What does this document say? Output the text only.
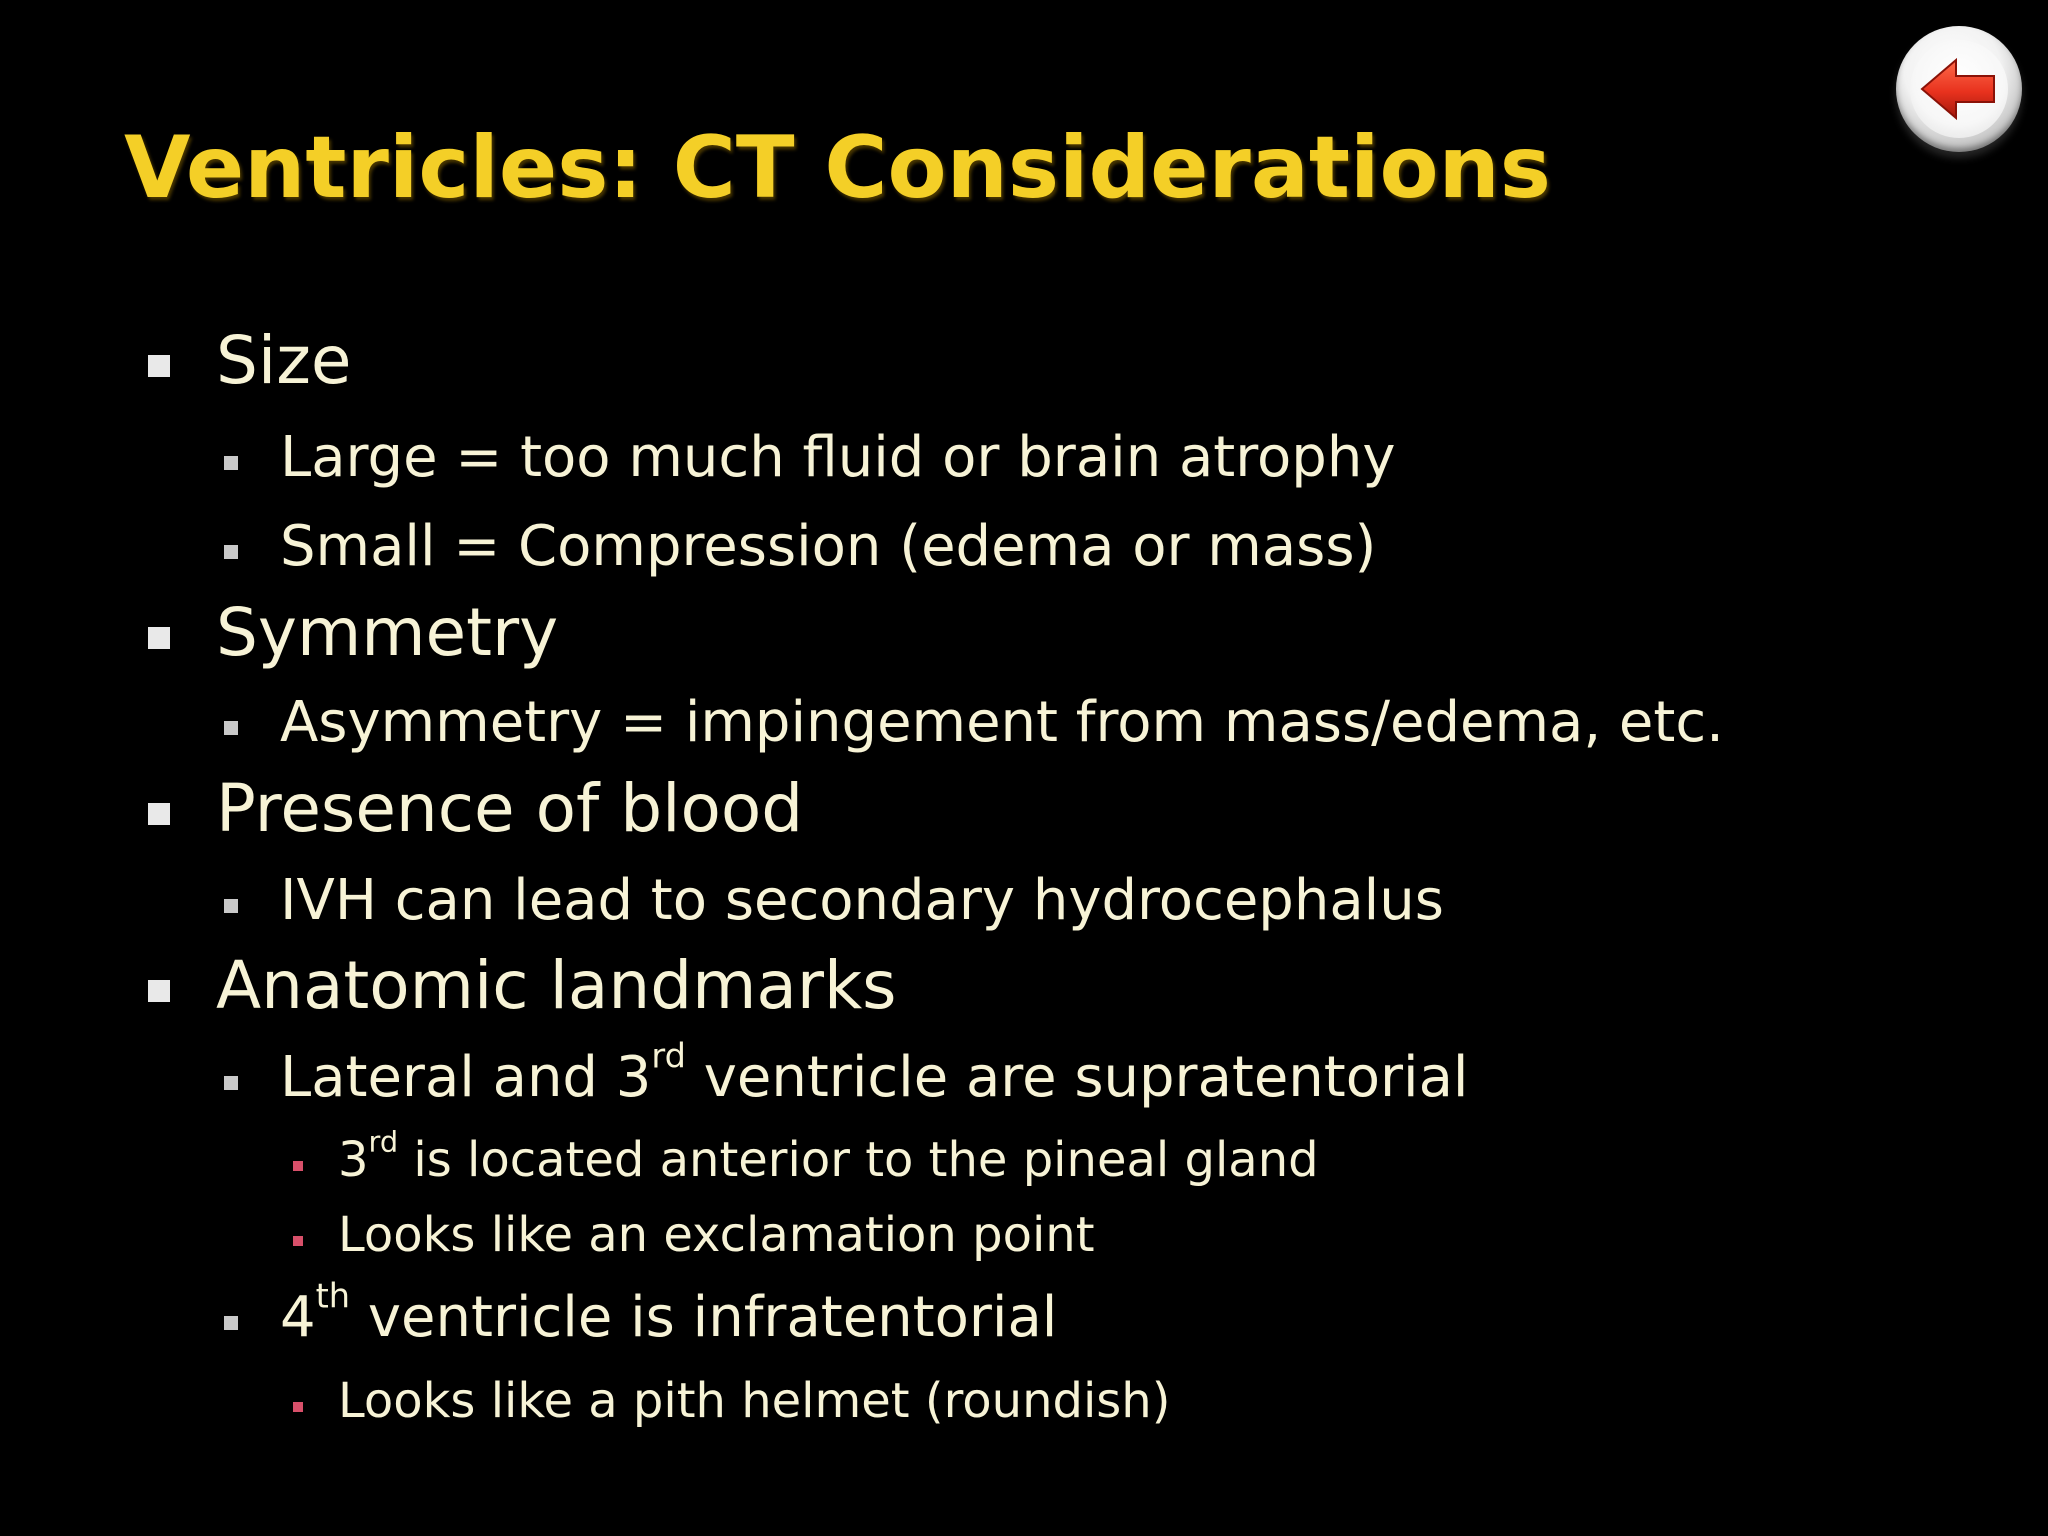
Ventricles: CT Considerations
Size
Large = too much fluid or brain atrophy
Small = Compression (edema or mass)
Symmetry
Asymmetry = impingement from mass/edema, etc.
Presence of blood
IVH can lead to secondary hydrocephalus
Anatomic landmarks
Lateral and 3rd ventricle are supratentorial
3rd is located anterior to the pineal gland
Looks like an exclamation point
4th ventricle is infratentorial
Looks like a pith helmet (roundish)
